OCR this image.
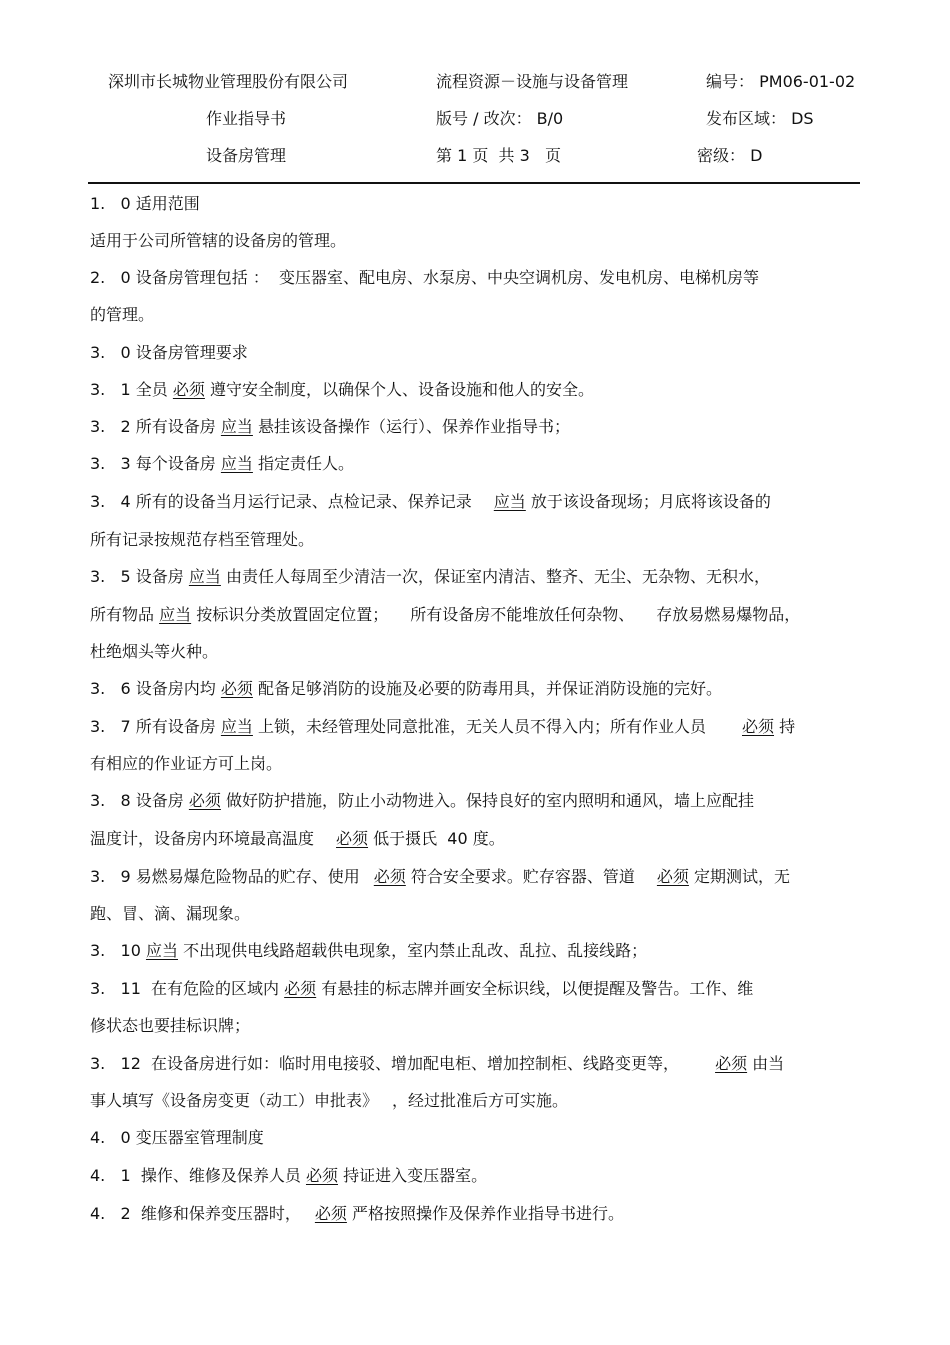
深圳市长城物业管理股份有限公司	流程资源－设施与设备管理	编号： PM06-01-02
作业指导书	版号 / 改次： B/0	发布区域： DS
设备房管理	第 1 页  共 3   页	密级： D
1.   0 适用范围
适用于公司所管辖的设备房的管理。
2.   0 设备房管理包括 ：  变压器室、配电房、水泵房、中央空调机房、发电机房、电梯机房等
的管理。
3.   0 设备房管理要求
3.   1 全员 必须 遵守安全制度，以确保个人、设备设施和他人的安全。
3.   2 所有设备房 应当 悬挂该设备操作（运行）、保养作业指导书；
3.   3 每个设备房 应当 指定责任人。
3.   4 所有的设备当月运行记录、点检记录、保养记录 应当 放于该设备现场；月底将该设备的
所有记录按规范存档至管理处。
3.   5 设备房 应当 由责任人每周至少清洁一次，保证室内清洁、整齐、无尘、无杂物、无积水，
所有物品 应当 按标识分类放置固定位置； 所有设备房不能堆放任何杂物、 存放易燃易爆物品，
杜绝烟头等火种。
3.   6 设备房内均 必须 配备足够消防的设施及必要的防毒用具，并保证消防设施的完好。
3.   7 所有设备房 应当 上锁，未经管理处同意批准，无关人员不得入内；所有作业人员 必须 持
有相应的作业证方可上岗。
3.   8 设备房 必须 做好防护措施，防止小动物进入。保持良好的室内照明和通风，墙上应配挂
温度计，设备房内环境最高温度 必须 低于摄氏  40 度。
3.   9 易燃易爆危险物品的贮存、使用 必须 符合安全要求。贮存容器、管道 必须 定期测试，无
跑、冒、滴、漏现象。
3.   10 应当 不出现供电线路超载供电现象，室内禁止乱改、乱拉、乱接线路；
3.   11  在有危险的区域内 必须 有悬挂的标志牌并画安全标识线，以便提醒及警告。工作、维
修状态也要挂标识牌；
3.   12  在设备房进行如：临时用电接驳、增加配电柜、增加控制柜、线路变更等， 必须 由当
事人填写《设备房变更（动工）申批表》 ，经过批准后方可实施。
4.   0 变压器室管理制度
4.   1  操作、维修及保养人员 必须 持证进入变压器室。
4.   2  维修和保养变压器时， 必须 严格按照操作及保养作业指导书进行。
